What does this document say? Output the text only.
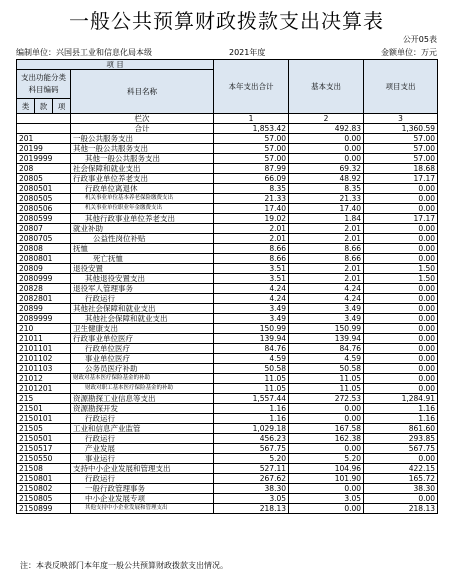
一般公共预算财政拨款支出决算表
公开05表
编制单位：兴国县工业和信息化局本级	2021年度	金额单位：万元
项 目				本年支出合计	基本支出	项目支出
支出功能分类科目编码			科目名称			
类	款	项				
			栏次	1	2	3
			合计	1,853.42	492.83	1,360.59
201			一般公共服务支出	57.00	0.00	57.00
20199			其他一般公共服务支出	57.00	0.00	57.00
2019999			其他一般公共服务支出	57.00	0.00	57.00
208			社会保障和就业支出	87.99	69.32	18.68
20805			行政事业单位养老支出	66.09	48.92	17.17
2080501			行政单位离退休	8.35	8.35	0.00
2080505			机关事业单位基本养老保险缴费支出	21.33	21.33	0.00
2080506			机关事业单位职业年金缴费支出	17.40	17.40	0.00
2080599			其他行政事业单位养老支出	19.02	1.84	17.17
20807			就业补助	2.01	2.01	0.00
2080705			公益性岗位补贴	2.01	2.01	0.00
20808			抚恤	8.66	8.66	0.00
2080801			死亡抚恤	8.66	8.66	0.00
20809			退役安置	3.51	2.01	1.50
2080999			其他退役安置支出	3.51	2.01	1.50
20828			退役军人管理事务	4.24	4.24	0.00
2082801			行政运行	4.24	4.24	0.00
20899			其他社会保障和就业支出	3.49	3.49	0.00
2089999			其他社会保障和就业支出	3.49	3.49	0.00
210			卫生健康支出	150.99	150.99	0.00
21011			行政事业单位医疗	139.94	139.94	0.00
2101101			行政单位医疗	84.76	84.76	0.00
2101102			事业单位医疗	4.59	4.59	0.00
2101103			公务员医疗补助	50.58	50.58	0.00
21012			财政对基本医疗保险基金的补助	11.05	11.05	0.00
2101201			财政对职工基本医疗保险基金的补助	11.05	11.05	0.00
215			资源勘探工业信息等支出	1,557.44	272.53	1,284.91
21501			资源勘探开发	1.16	0.00	1.16
2150101			行政运行	1.16	0.00	1.16
21505			工业和信息产业监管	1,029.18	167.58	861.60
2150501			行政运行	456.23	162.38	293.85
2150517			产业发展	567.75	0.00	567.75
2150550			事业运行	5.20	5.20	0.00
21508			支持中小企业发展和管理支出	527.11	104.96	422.15
2150801			行政运行	267.62	101.90	165.72
2150802			一般行政管理事务	38.30	0.00	38.30
2150805			中小企业发展专项	3.05	3.05	0.00
2150899			其他支持中小企业发展和管理支出	218.13	0.00	218.13
注：本表反映部门本年度一般公共预算财政拨款支出情况。
